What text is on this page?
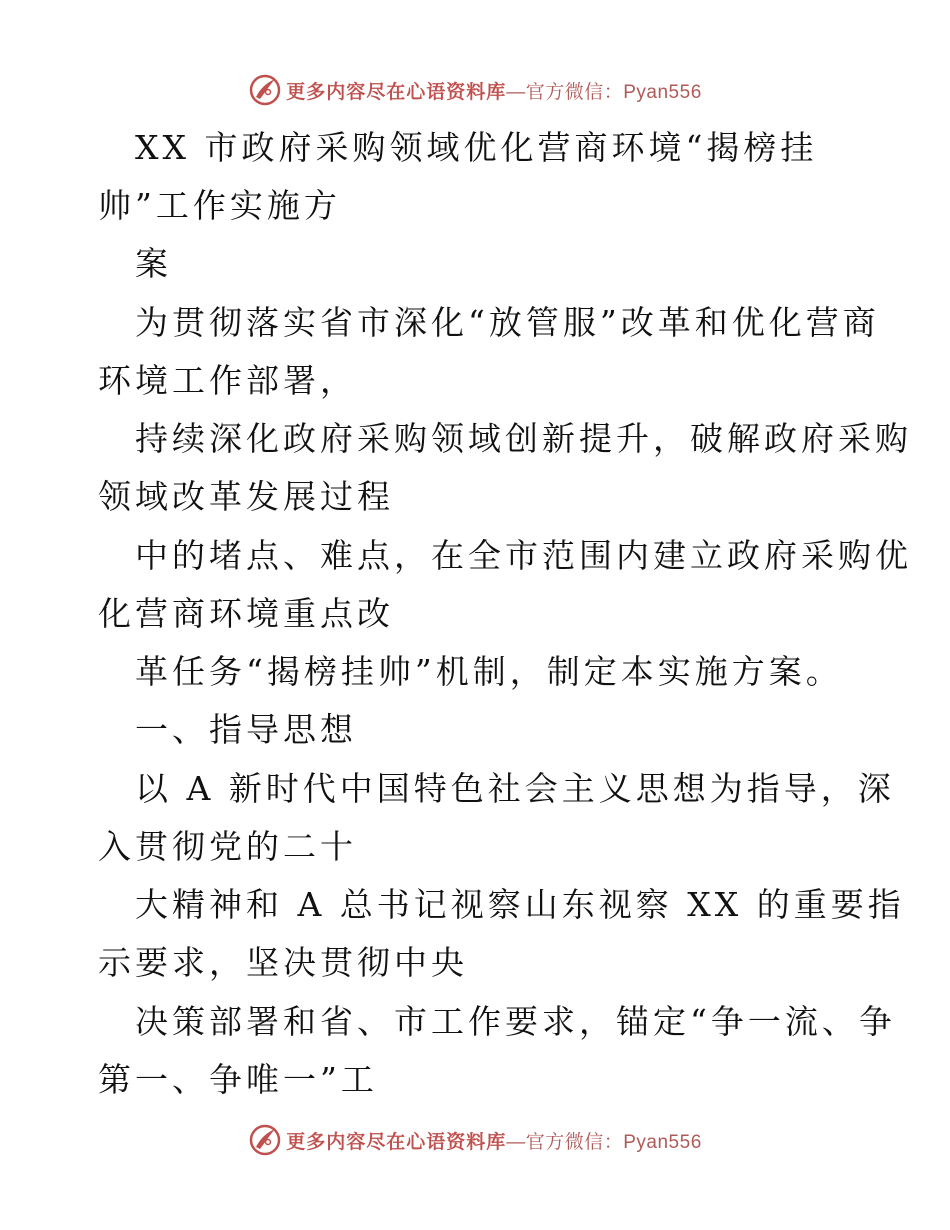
更多内容尽在心语资料库 —官方微信：Pyan556
XX 市政府采购领域优化营商环境“揭榜挂
帅”工作实施方
案
为贯彻落实省市深化“放管服”改革和优化营商
环境工作部署，
持续深化政府采购领域创新提升，破解政府采购
领域改革发展过程
中的堵点、难点，在全市范围内建立政府采购优
化营商环境重点改
革任务“揭榜挂帅”机制，制定本实施方案。
一、指导思想
以 A 新时代中国特色社会主义思想为指导，深
入贯彻党的二十
大精神和 A 总书记视察山东视察 XX 的重要指
示要求，坚决贯彻中央
决策部署和省、市工作要求，锚定“争一流、争
第一、争唯一”工
更多内容尽在心语资料库 —官方微信：Pyan556
